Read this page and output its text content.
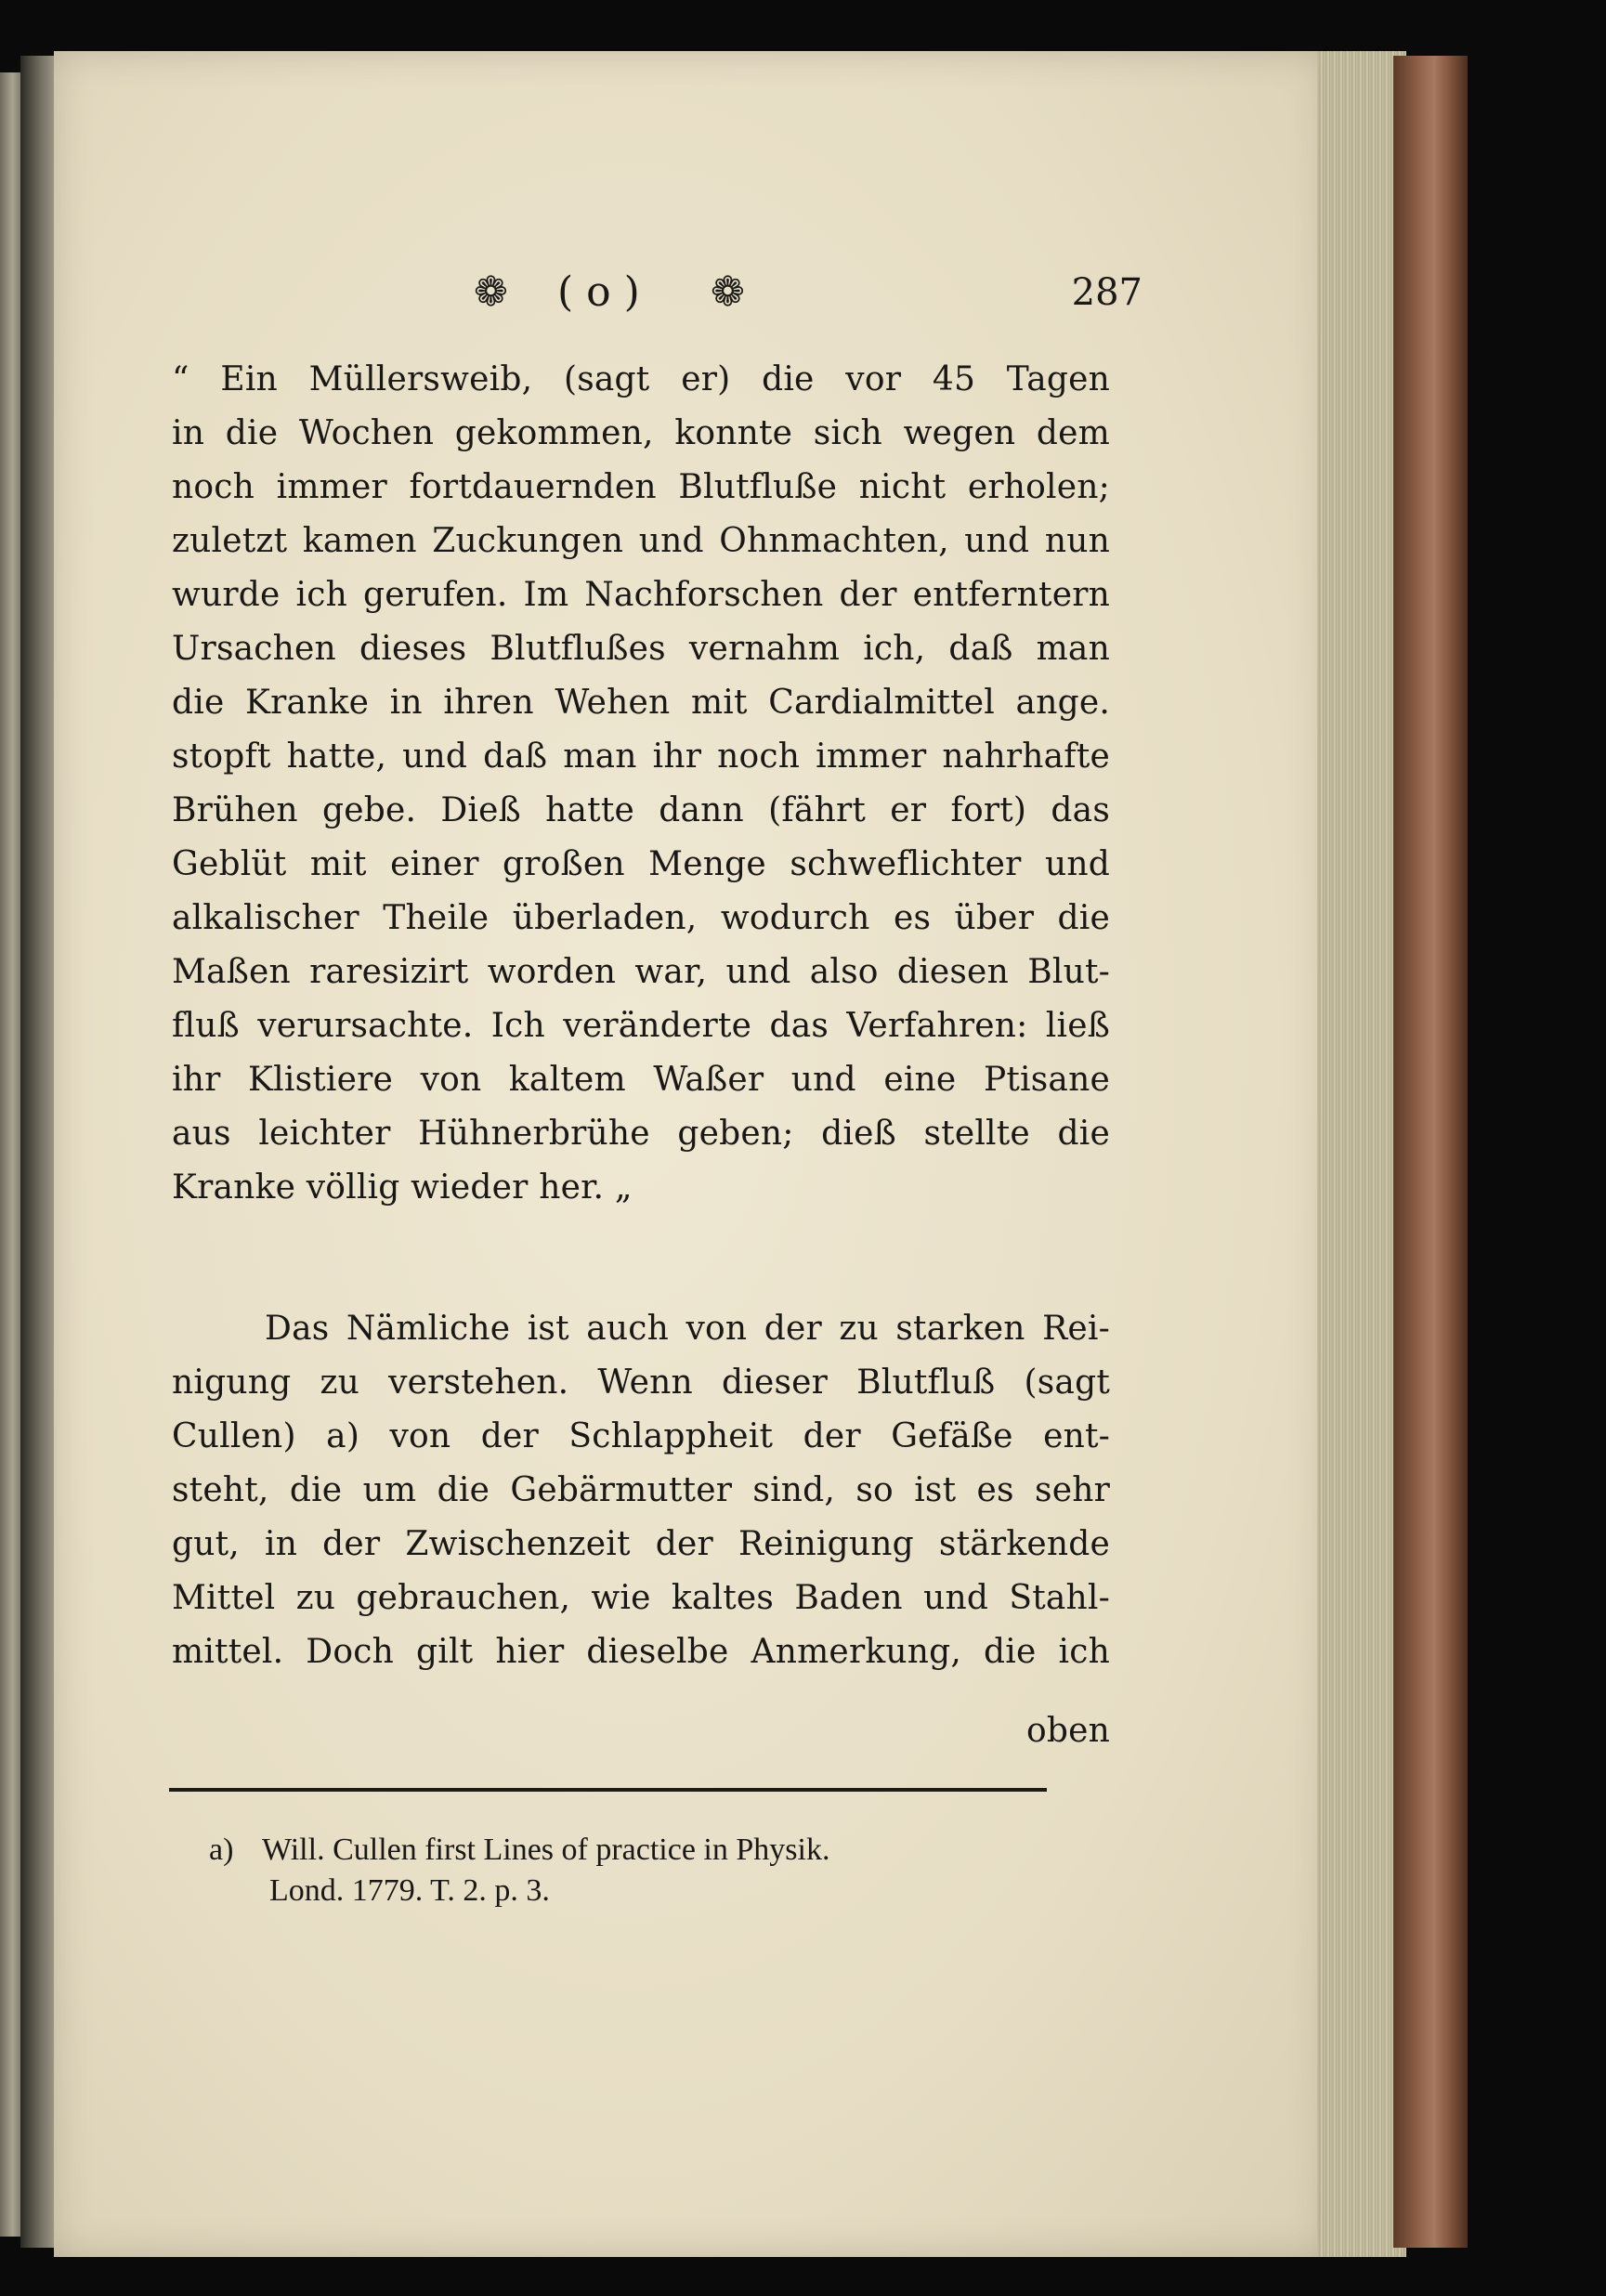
❁ ( o ) ❁	287
“ Ein Müllersweib, (sagt er) die vor 45 Tagen
in die Wochen gekommen, konnte sich wegen dem
noch immer fortdauernden Blutfluße nicht erholen;
zuletzt kamen Zuckungen und Ohnmachten, und nun
wurde ich gerufen. Im Nachforschen der entferntern
Ursachen dieses Blutflußes vernahm ich, daß man
die Kranke in ihren Wehen mit Cardialmittel ange.
stopft hatte, und daß man ihr noch immer nahrhafte
Brühen gebe. Dieß hatte dann (fährt er fort) das
Geblüt mit einer großen Menge schweflichter und
alkalischer Theile überladen, wodurch es über die
Maßen raresizirt worden war, und also diesen Blut-
fluß verursachte. Ich veränderte das Verfahren: ließ
ihr Klistiere von kaltem Waßer und eine Ptisane
aus leichter Hühnerbrühe geben; dieß stellte die
Kranke völlig wieder her. „
Das Nämliche ist auch von der zu starken Rei-
nigung zu verstehen. Wenn dieser Blutfluß (sagt
Cullen) a) von der Schlappheit der Gefäße ent-
steht, die um die Gebärmutter sind, so ist es sehr
gut, in der Zwischenzeit der Reinigung stärkende
Mittel zu gebrauchen, wie kaltes Baden und Stahl-
mittel. Doch gilt hier dieselbe Anmerkung, die ich
oben
a) Will. Cullen first Lines of practice in Physik.
Lond. 1779. T. 2. p. 3.
